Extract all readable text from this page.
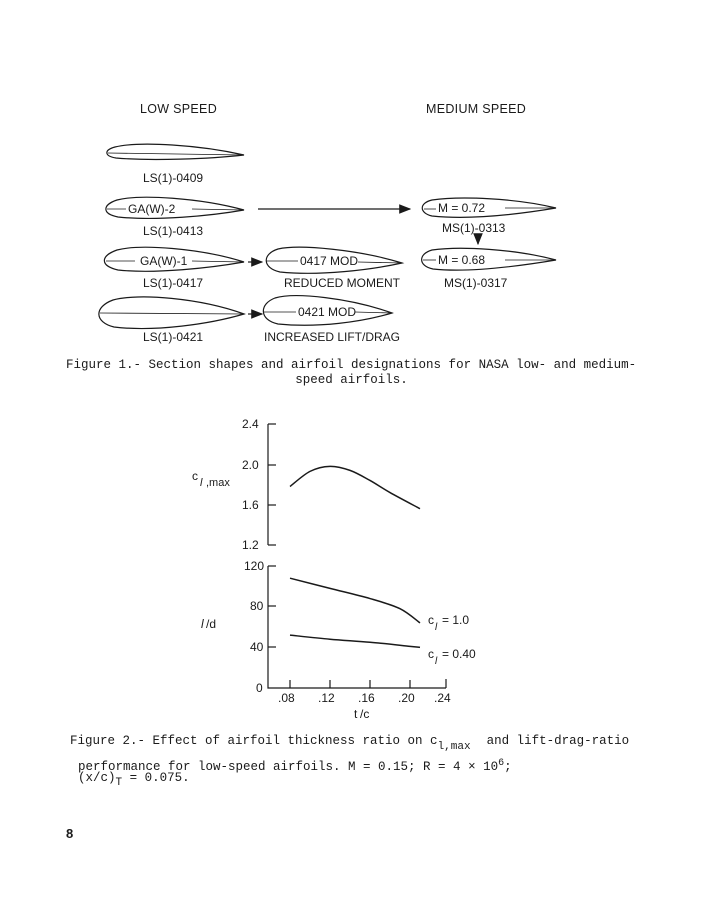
LOW SPEED	MEDIUM SPEED
LS(1)-0409
GA(W)-2
LS(1)-0413
M = 0.72
MS(1)-0313
GA(W)-1
LS(1)-0417
0417 MOD
REDUCED MOMENT
M = 0.68
MS(1)-0317
LS(1)-0421
0421 MOD
INCREASED LIFT/DRAG
Figure 1.- Section shapes and airfoil designations for NASA low- and medium-
speed airfoils.
2.4
2.0
1.6
1.2
c l ,max
120
80
40
0
l /d
.08 .12 .16 .20 .24
t /c
c
l
= 1.0
c
l
= 0.40
Figure 2.- Effect of airfoil thickness ratio on cl,max and lift-drag-ratio
performance for low-speed airfoils. M = 0.15; $R = 4 \times 10^6$;
(x/c)T = 0.075.
8
